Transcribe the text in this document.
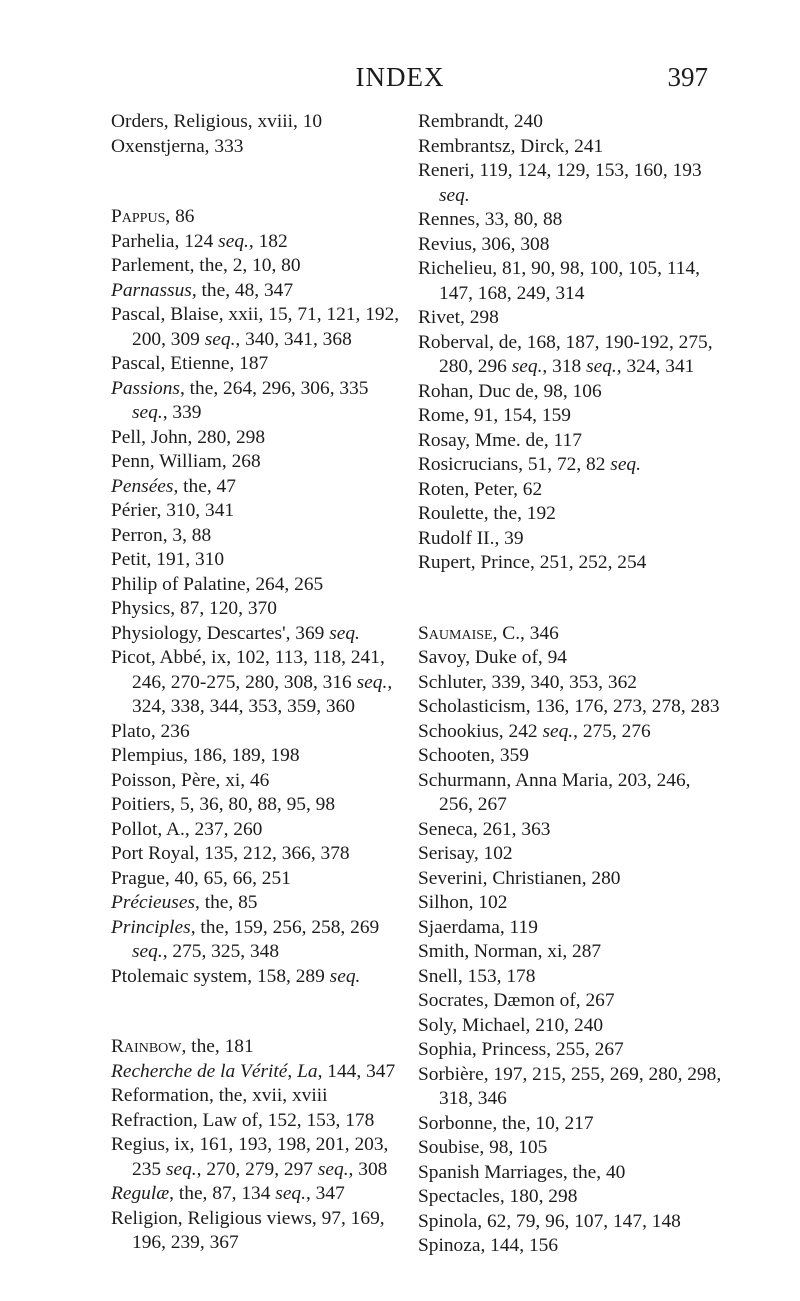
INDEX	397
Orders, Religious, xviii, 10
Oxenstjerna, 333
Pappus, 86
Parhelia, 124 seq., 182
Parlement, the, 2, 10, 80
Parnassus, the, 48, 347
Pascal, Blaise, xxii, 15, 71, 121, 192, 200, 309 seq., 340, 341, 368
Pascal, Etienne, 187
Passions, the, 264, 296, 306, 335 seq., 339
Pell, John, 280, 298
Penn, William, 268
Pensées, the, 47
Périer, 310, 341
Perron, 3, 88
Petit, 191, 310
Philip of Palatine, 264, 265
Physics, 87, 120, 370
Physiology, Descartes', 369 seq.
Picot, Abbé, ix, 102, 113, 118, 241, 246, 270-275, 280, 308, 316 seq., 324, 338, 344, 353, 359, 360
Plato, 236
Plempius, 186, 189, 198
Poisson, Père, xi, 46
Poitiers, 5, 36, 80, 88, 95, 98
Pollot, A., 237, 260
Port Royal, 135, 212, 366, 378
Prague, 40, 65, 66, 251
Précieuses, the, 85
Principles, the, 159, 256, 258, 269 seq., 275, 325, 348
Ptolemaic system, 158, 289 seq.
Rainbow, the, 181
Recherche de la Vérité, La, 144, 347
Reformation, the, xvii, xviii
Refraction, Law of, 152, 153, 178
Regius, ix, 161, 193, 198, 201, 203, 235 seq., 270, 279, 297 seq., 308
Regulæ, the, 87, 134 seq., 347
Religion, Religious views, 97, 169, 196, 239, 367
Rembrandt, 240
Rembrantsz, Dirck, 241
Reneri, 119, 124, 129, 153, 160, 193 seq.
Rennes, 33, 80, 88
Revius, 306, 308
Richelieu, 81, 90, 98, 100, 105, 114, 147, 168, 249, 314
Rivet, 298
Roberval, de, 168, 187, 190-192, 275, 280, 296 seq., 318 seq., 324, 341
Rohan, Duc de, 98, 106
Rome, 91, 154, 159
Rosay, Mme. de, 117
Rosicrucians, 51, 72, 82 seq.
Roten, Peter, 62
Roulette, the, 192
Rudolf II., 39
Rupert, Prince, 251, 252, 254
Saumaise, C., 346
Savoy, Duke of, 94
Schluter, 339, 340, 353, 362
Scholasticism, 136, 176, 273, 278, 283
Schookius, 242 seq., 275, 276
Schooten, 359
Schurmann, Anna Maria, 203, 246, 256, 267
Seneca, 261, 363
Serisay, 102
Severini, Christianen, 280
Silhon, 102
Sjaerdama, 119
Smith, Norman, xi, 287
Snell, 153, 178
Socrates, Dæmon of, 267
Soly, Michael, 210, 240
Sophia, Princess, 255, 267
Sorbière, 197, 215, 255, 269, 280, 298, 318, 346
Sorbonne, the, 10, 217
Soubise, 98, 105
Spanish Marriages, the, 40
Spectacles, 180, 298
Spinola, 62, 79, 96, 107, 147, 148
Spinoza, 144, 156
